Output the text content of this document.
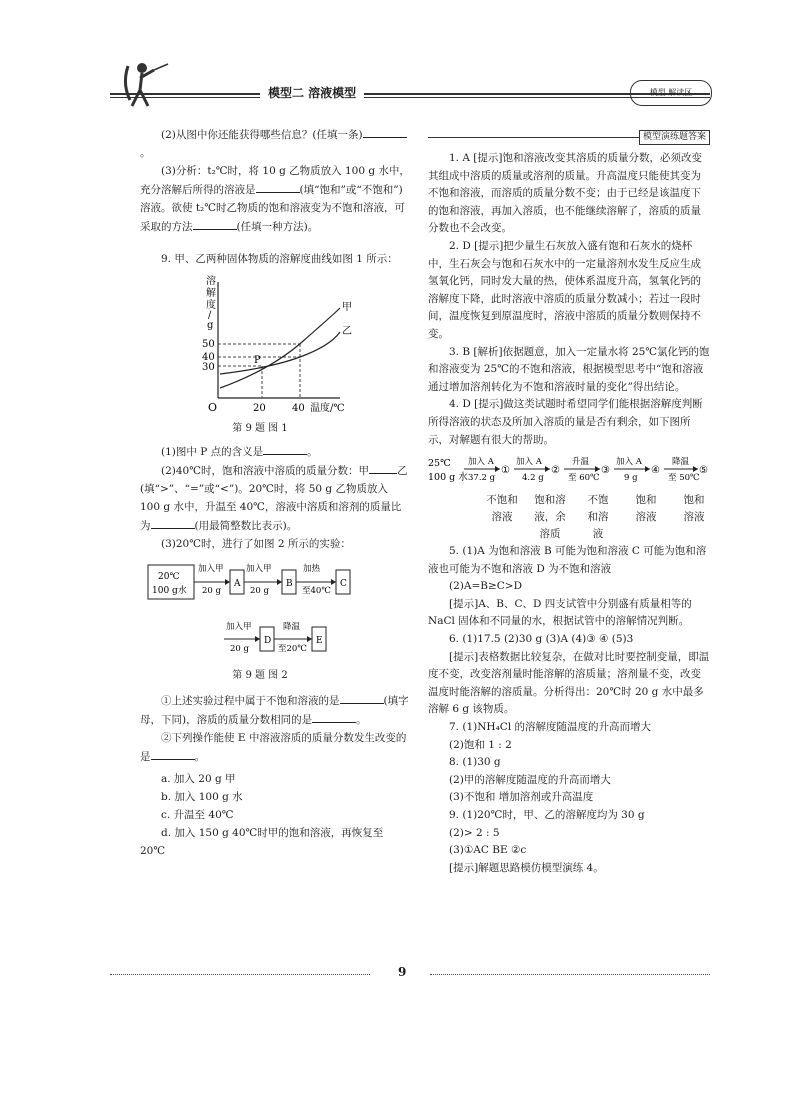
模型二 溶液模型	模型 解读区

(2)从图中你还能获得哪些信息？(任填一条)。

(3)分析：t₂℃时，将 10 g 乙物质放入 100 g 水中，充分溶解后所得的溶液是	(填“饱和”或“不饱和”)溶液。欲使 t₂℃时乙物质的饱和溶液变为不饱和溶液，可采取的方法	(任填一种方法)。

9. 甲、乙两种固体物质的溶解度曲线如图 1 所示：

溶
解
度
/
g
50
40
30
O	20	40 温度/℃
甲
乙
P

第 9 题 图 1

(1)图中 P 点的含义是	。

(2)40℃时，饱和溶液中溶质的质量分数：甲	乙(填“>”、“=”或“<”)。20℃时，将 50 g 乙物质放入 100 g 水中，升温至 40℃，溶液中溶质和溶剂的质量比为	(用最简整数比表示)。

(3)20℃时，进行了如图 2 所示的实验：

20℃
100 g水
加入甲
20 g
A
加入甲
20 g
B
加热
至40℃
C
加入甲
20 g
D
降温
至20℃
E

第 9 题 图 2

①上述实验过程中属于不饱和溶液的是	(填字母，下同)，溶质的质量分数相同的是	。

②下列操作能使 E 中溶液溶质的质量分数发生改变的是	。

a. 加入 20 g 甲

b. 加入 100 g 水

c. 升温至 40℃

d. 加入 150 g 40℃时甲的饱和溶液，再恢复至 20℃

模型演练题答案

1. A [提示]饱和溶液改变其溶质的质量分数，必须改变其组成中溶质的质量或溶剂的质量。升高温度只能使其变为不饱和溶液，而溶质的质量分数不变；由于已经是该温度下的饱和溶液，再加入溶质，也不能继续溶解了，溶质的质量分数也不会改变。

2. D [提示]把少量生石灰放入盛有饱和石灰水的烧杯中，生石灰会与饱和石灰水中的一定量溶剂水发生反应生成氢氧化钙，同时发大量的热，使体系温度升高，氢氧化钙的溶解度下降，此时溶液中溶质的质量分数减小；若过一段时间，温度恢复到原温度时，溶液中溶质的质量分数则保持不变。

3. B [解析]依据题意，加入一定量水将 25℃氯化钙的饱和溶液变为 25℃的不饱和溶液，根据模型思考中“饱和溶液通过增加溶剂转化为不饱和溶液时量的变化”得出结论。

4. D [提示]做这类试题时希望同学们能根据溶解度判断所得溶液的状态及所加入溶质的量是否有剩余，如下图所示，对解题有很大的帮助。

25℃
100 g 水
加入 A
37.2 g
①
加入 A
4.2 g
②
升温
至 60℃
③
加入 A
9 g
④
降温
至 50℃
⑤
不饱和
溶液

饱和溶
液，余
溶质
不饱
和溶
液
饱和
溶液

饱和
溶液

5. (1)A 为饱和溶液 B 可能为饱和溶液 C 可能为饱和溶液也可能为不饱和溶液 D 为不饱和溶液

(2)A=B≥C>D

[提示]A、B、C、D 四支试管中分别盛有质量相等的 NaCl 固体和不同量的水，根据试管中的溶解情况判断。

6. (1)17.5 (2)30 g (3)A (4)③ ④ (5)3

[提示]表格数据比较复杂，在做对比时要控制变量，即温度不变，改变溶剂量时能溶解的溶质量；溶剂量不变，改变温度时能溶解的溶质量。分析得出：20℃时 20 g 水中最多溶解 6 g 该物质。

7. (1)NH₄Cl 的溶解度随温度的升高而增大

(2)饱和 1 : 2

8. (1)30 g

(2)甲的溶解度随温度的升高而增大

(3)不饱和 增加溶剂或升高温度

9. (1)20℃时，甲、乙的溶解度均为 30 g

(2)> 2 : 5

(3)①AC BE ②c

[提示]解题思路模仿模型演练 4。

9
